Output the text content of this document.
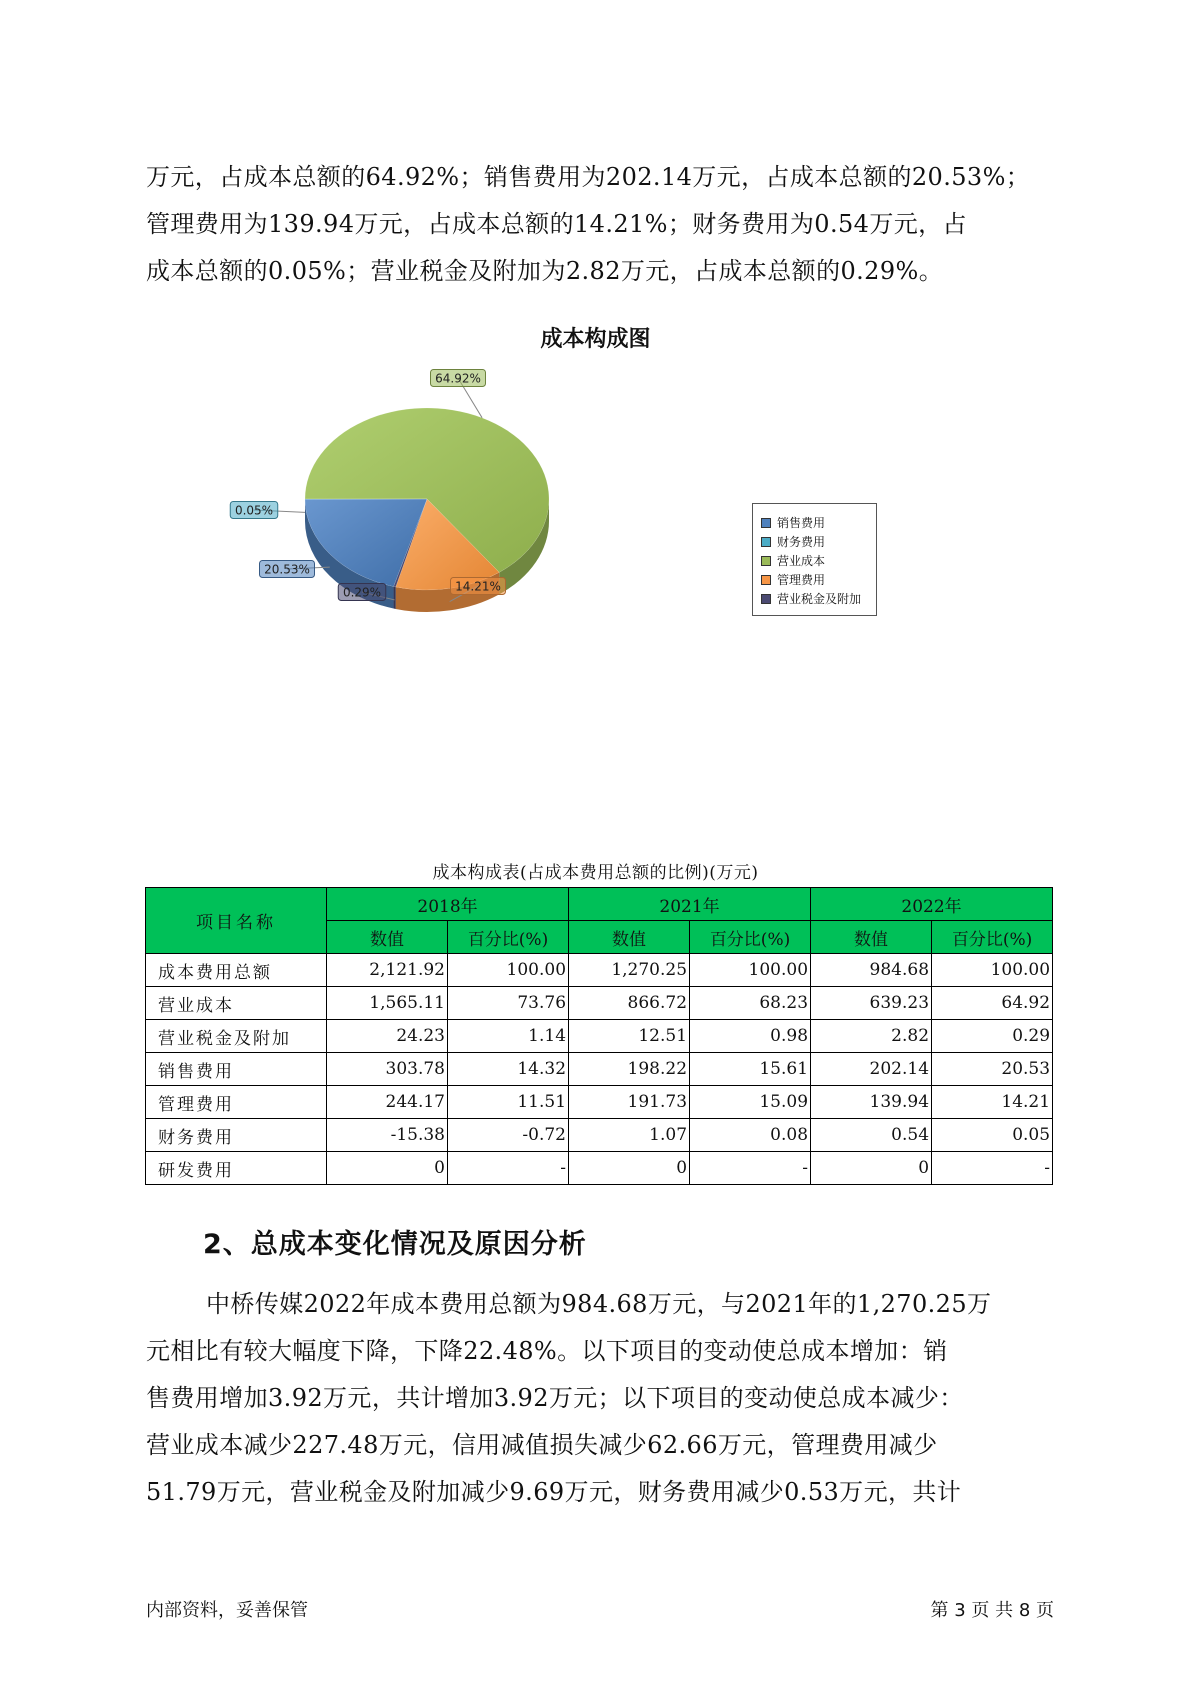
万元，占成本总额的64.92%；销售费用为202.14万元，占成本总额的20.53%；
管理费用为139.94万元，占成本总额的14.21%；财务费用为0.54万元，占
成本总额的0.05%；营业税金及附加为2.82万元，占成本总额的0.29%。
成本构成图
64.92%
14.21%
0.29%
20.53%
0.05%
销售费用
财务费用
营业成本
管理费用
营业税金及附加
成本构成表(占成本费用总额的比例)(万元)
项目名称	2018年		2021年		2022年	
	数值	百分比(%)	数值	百分比(%)	数值	百分比(%)
成本费用总额	2,121.92	100.00	1,270.25	100.00	984.68	100.00
营业成本	1,565.11	73.76	866.72	68.23	639.23	64.92
营业税金及附加	24.23	1.14	12.51	0.98	2.82	0.29
销售费用	303.78	14.32	198.22	15.61	202.14	20.53
管理费用	244.17	11.51	191.73	15.09	139.94	14.21
财务费用	-15.38	-0.72	1.07	0.08	0.54	0.05
研发费用	0	-	0	-	0	-
2、总成本变化情况及原因分析
中桥传媒2022年成本费用总额为984.68万元，与2021年的1,270.25万
元相比有较大幅度下降，下降22.48%。以下项目的变动使总成本增加：销
售费用增加3.92万元，共计增加3.92万元；以下项目的变动使总成本减少：
营业成本减少227.48万元，信用减值损失减少62.66万元，管理费用减少
51.79万元，营业税金及附加减少9.69万元，财务费用减少0.53万元，共计
内部资料，妥善保管	第 3 页 共 8 页
